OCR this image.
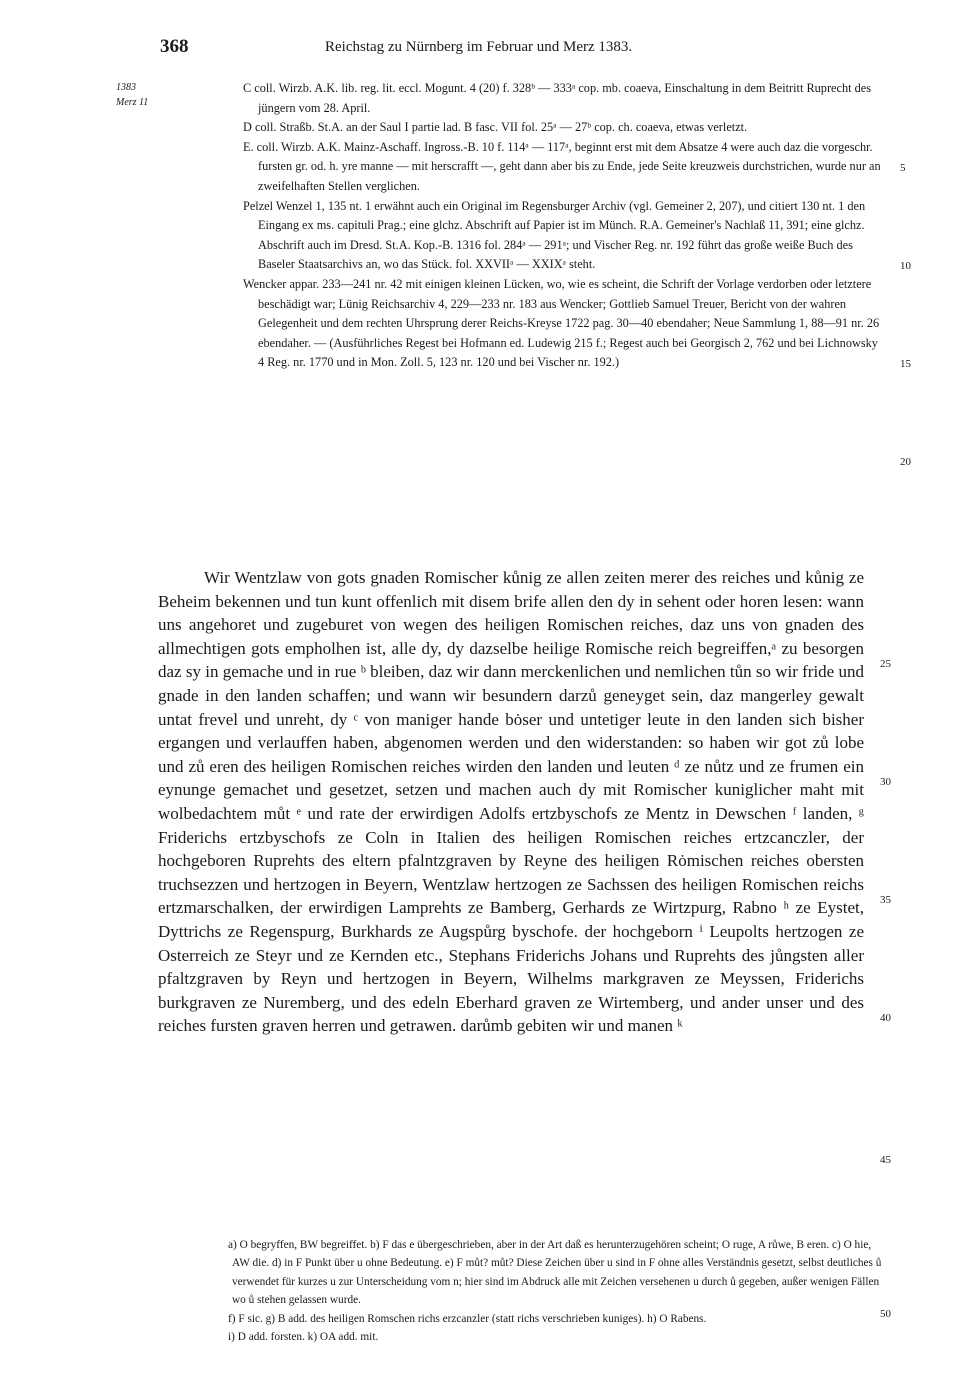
368	Reichstag zu Nürnberg im Februar und Merz 1383.
1383
Merz 11

C coll. Wirzb. A.K. lib. reg. lit. eccl. Mogunt. 4 (20) f. 328ᵇ — 333ᵃ cop. mb. coaeva, Einschaltung in dem Beitritt Ruprecht des jüngern vom 28. April.

D coll. Straßb. St.A. an der Saul I partie lad. B fasc. VII fol. 25ᵃ — 27ᵇ cop. ch. coaeva, etwas verletzt.

E. coll. Wirzb. A.K. Mainz-Aschaff. Ingross.-B. 10 f. 114ᵃ — 117ᵃ, beginnt erst mit dem Absatze 4 were auch daz die vorgeschr. fursten gr. od. h. yre manne — mit herscrafft —, geht dann aber bis zu Ende, jede Seite kreuzweis durchstrichen, wurde nur an zweifelhaften Stellen verglichen.

Pelzel Wenzel 1, 135 nt. 1 erwähnt auch ein Original im Regensburger Archiv (vgl. Gemeiner 2, 207), und citiert 130 nt. 1 den Eingang ex ms. capituli Prag.; eine glchz. Abschrift auf Papier ist im Münch. R.A. Gemeiner's Nachlaß 11, 391; eine glchz. Abschrift auch im Dresd. St.A. Kop.-B. 1316 fol. 284ᵃ — 291ᵃ; und Vischer Reg. nr. 192 führt das große weiße Buch des Baseler Staatsarchivs an, wo das Stück. fol. XXVIIᵃ — XXIXᵃ steht.

Wencker appar. 233—241 nr. 42 mit einigen kleinen Lücken, wo, wie es scheint, die Schrift der Vorlage verdorben oder letztere beschädigt war; Lünig Reichsarchiv 4, 229—233 nr. 183 aus Wencker; Gottlieb Samuel Treuer, Bericht von der wahren Gelegenheit und dem rechten Uhrsprung derer Reichs-Kreyse 1722 pag. 30—40 ebendaher; Neue Sammlung 1, 88—91 nr. 26 ebendaher. — (Ausführliches Regest bei Hofmann ed. Ludewig 215 f.; Regest auch bei Georgisch 2, 762 und bei Lichnowsky 4 Reg. nr. 1770 und in Mon. Zoll. 5, 123 nr. 120 und bei Vischer nr. 192.)

Wir Wentzlaw von gots gnaden Romischer kůnig ze allen zeiten merer des reiches und kůnig ze Beheim bekennen und tun kunt offenlich mit disem brife allen den dy in sehent oder horen lesen: wann uns angehoret und zugeburet von wegen des heiligen Romischen reiches, daz uns von gnaden des allmechtigen gots empholhen ist, alle dy, dy dazselbe heilige Romische reich begreiffen,ᵃ zu besorgen daz sy in gemache und in rue ᵇ bleiben, daz wir dann merckenlichen und nemlichen tůn so wir fride und gnade in den landen schaffen; und wann wir besundern darzů geneyget sein, daz mangerley gewalt untat frevel und unreht, dy ᶜ von maniger hande bȯser und untetiger leute in den landen sich bisher ergangen und verlauffen haben, abgenomen werden und den widerstanden: so haben wir got zů lobe und zů eren des heiligen Romischen reiches wirden den landen und leuten ᵈ ze nůtz und ze frumen ein eynunge gemachet und gesetzet, setzen und machen auch dy mit Romischer kuniglicher maht mit wolbedachtem můt ᵉ und rate der erwirdigen Adolfs ertzbyschofs ze Mentz in Dewschen ᶠ landen, ᵍ Friderichs ertzbyschofs ze Coln in Italien des heiligen Romischen reiches ertzcanczler, der hochgeboren Ruprehts des eltern pfalntzgraven by Reyne des heiligen Rȯmischen reiches obersten truchsezzen und hertzogen in Beyern, Wentzlaw hertzogen ze Sachssen des heiligen Romischen reichs ertzmarschalken, der erwirdigen Lamprehts ze Bamberg, Gerhards ze Wirtzpurg, Rabno ʰ ze Eystet, Dyttrichs ze Regenspurg, Burkhards ze Augspůrg byschofe. der hochgeborn ⁱ Leupolts hertzogen ze Osterreich ze Steyr und ze Kernden etc., Stephans Friderichs Johans und Ruprehts des jůngsten aller pfaltzgraven by Reyn und hertzogen in Beyern, Wilhelms markgraven ze Meyssen, Friderichs burkgraven ze Nuremberg, und des edeln Eberhard graven ze Wirtemberg, und ander unser und des reiches fursten graven herren und getrawen. darůmb gebiten wir und manen ᵏ

a) O begryffen, BW begreiffet. b) F das e übergeschrieben, aber in der Art daß es herunterzugehören scheint; O ruge, A růwe, B eren. c) O hie, AW die. d) in F Punkt über u ohne Bedeutung. e) F můt? můt? Diese Zeichen über u sind in F ohne alles Verständnis gesetzt, selbst deutliches ů verwendet für kurzes u zur Unterscheidung vom n; hier sind im Abdruck alle mit Zeichen versehenen u durch ů gegeben, außer wenigen Fällen wo ů stehen gelassen wurde.

f) F sic. g) B add. des heiligen Romschen richs erzcanzler (statt richs verschrieben kuniges). h) O Rabens.

i) D add. forsten. k) OA add. mit.

5
10
15
20
25
30
35
40
45
50
